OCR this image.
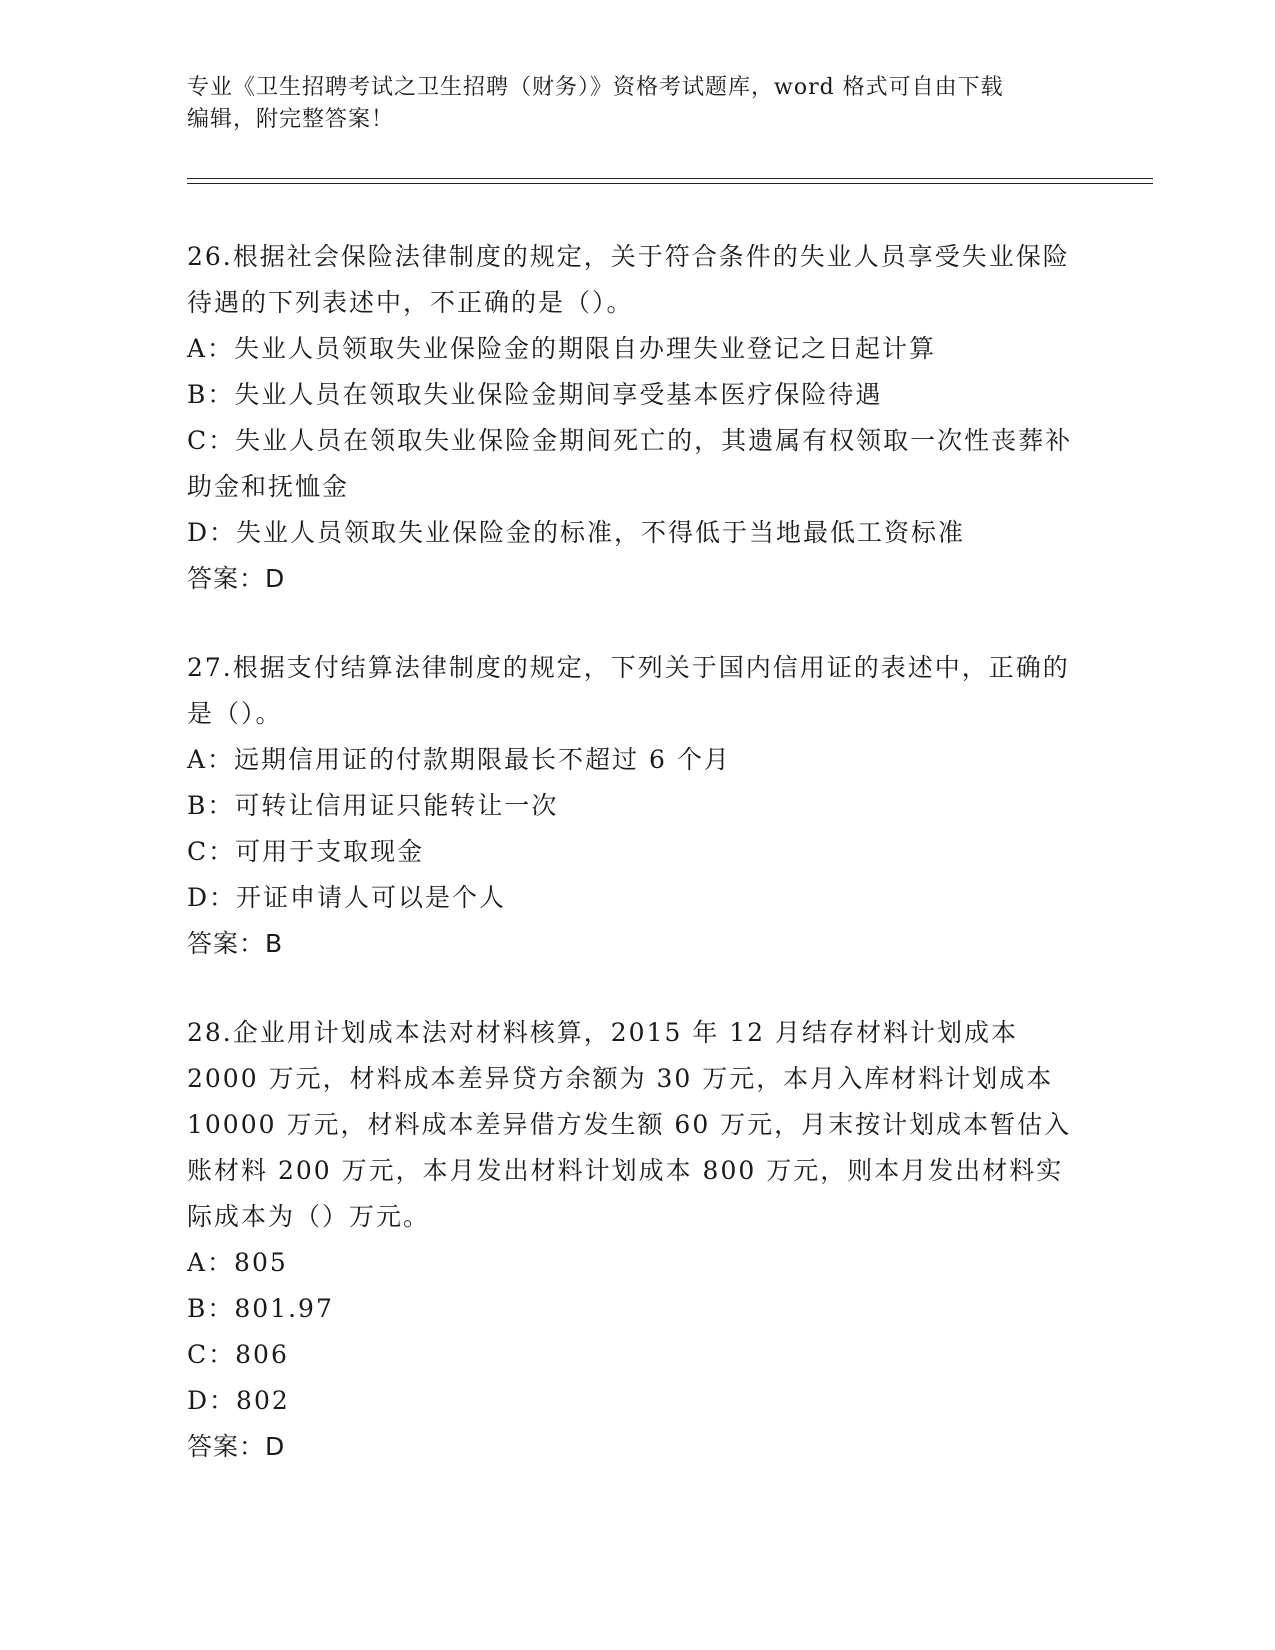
专业《卫生招聘考试之卫生招聘（财务）》资格考试题库，word 格式可自由下载
编辑，附完整答案！
26.根据社会保险法律制度的规定，关于符合条件的失业人员享受失业保险待遇的下列表述中，不正确的是（）。
A：失业人员领取失业保险金的期限自办理失业登记之日起计算
B：失业人员在领取失业保险金期间享受基本医疗保险待遇
C：失业人员在领取失业保险金期间死亡的，其遗属有权领取一次性丧葬补助金和抚恤金
D：失业人员领取失业保险金的标准，不得低于当地最低工资标准
答案：D
27.根据支付结算法律制度的规定，下列关于国内信用证的表述中，正确的是（）。
A：远期信用证的付款期限最长不超过 6 个月
B：可转让信用证只能转让一次
C：可用于支取现金
D：开证申请人可以是个人
答案：B
28.企业用计划成本法对材料核算，2015 年 12 月结存材料计划成本2000 万元，材料成本差异贷方余额为 30 万元，本月入库材料计划成本10000 万元，材料成本差异借方发生额 60 万元，月末按计划成本暂估入账材料 200 万元，本月发出材料计划成本 800 万元，则本月发出材料实际成本为（）万元。
A：805
B：801.97
C：806
D：802
答案：D
